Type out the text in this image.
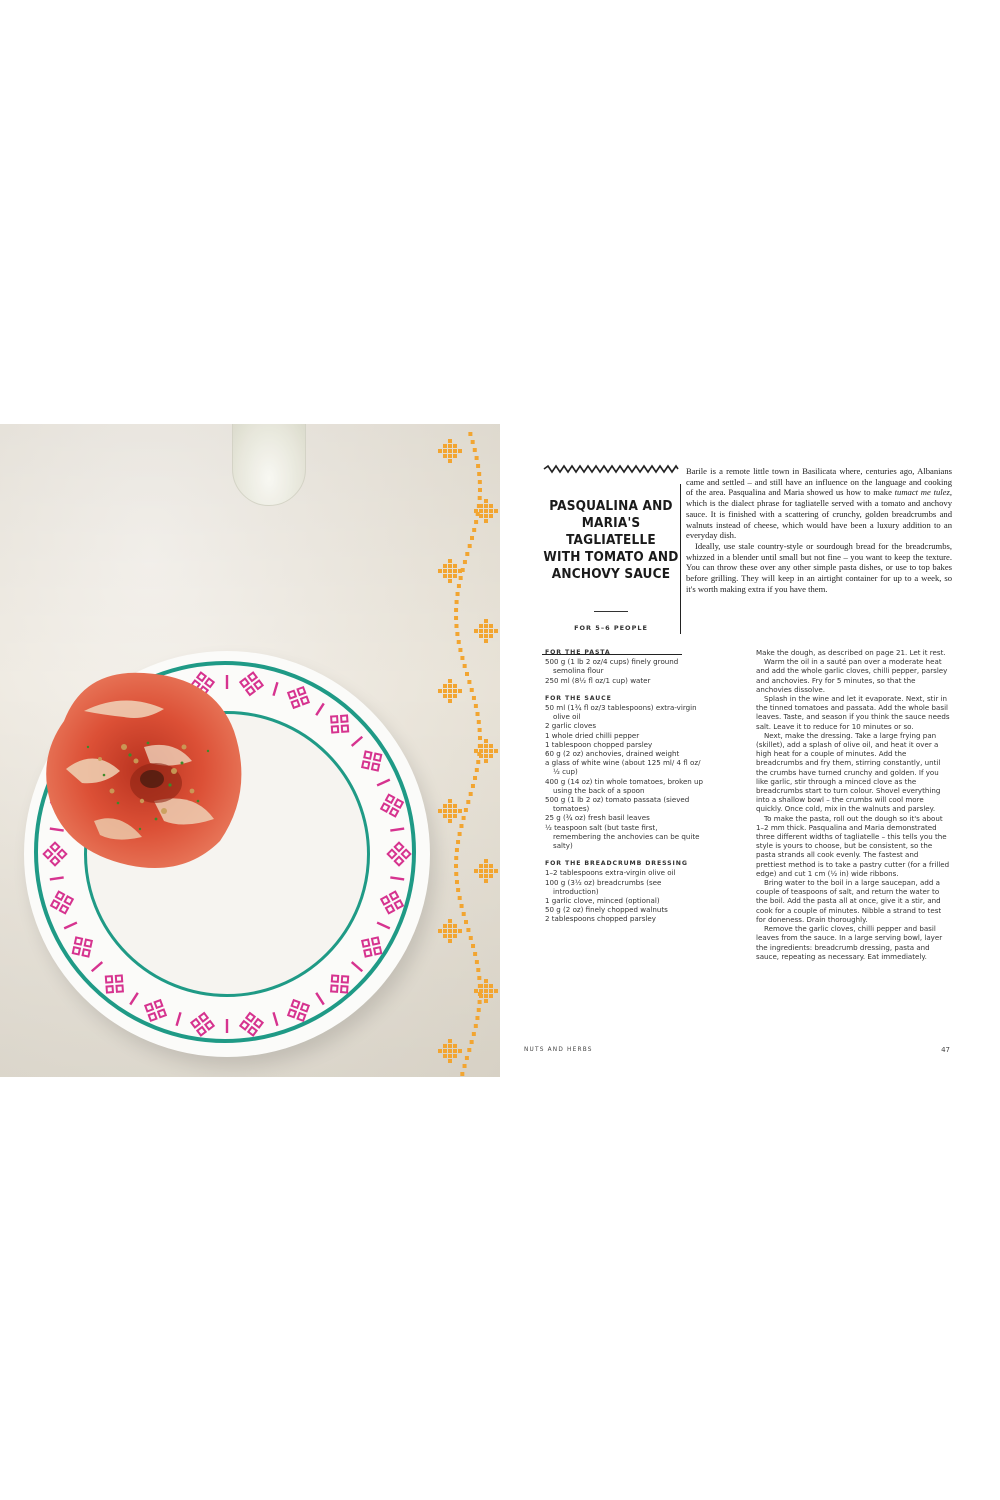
PASQUALINA AND
MARIA'S TAGLIATELLE
WITH TOMATO AND
ANCHOVY SAUCE
FOR 5–6 PEOPLE

Barile is a remote little town in Basilicata where, centuries ago, Albanians came and settled – and still have an influence on the language and cooking of the area. Pasqualina and Maria showed us how to make tumact me tulez, which is the dialect phrase for tagliatelle served with a tomato and anchovy sauce. It is finished with a scattering of crunchy, golden breadcrumbs and walnuts instead of cheese, which would have been a luxury addition to an everyday dish.

Ideally, use stale country-style or sourdough bread for the breadcrumbs, whizzed in a blender until small but not fine – you want to keep the texture. You can throw these over any other simple pasta dishes, or use to top bakes before grilling. They will keep in an airtight container for up to a week, so it's worth making extra if you have them.

FOR THE PASTA
500 g (1 lb 2 oz/4 cups) finely ground semolina flour
250 ml (8½ fl oz/1 cup) water
FOR THE SAUCE
50 ml (1¾ fl oz/3 tablespoons) extra-virgin olive oil
2 garlic cloves
1 whole dried chilli pepper
1 tablespoon chopped parsley
60 g (2 oz) anchovies, drained weight
a glass of white wine (about 125 ml/ 4 fl oz/½ cup)
400 g (14 oz) tin whole tomatoes, broken up using the back of a spoon
500 g (1 lb 2 oz) tomato passata (sieved tomatoes)
25 g (¾ oz) fresh basil leaves
½ teaspoon salt (but taste first, remembering the anchovies can be quite salty)
FOR THE BREADCRUMB DRESSING
1–2 tablespoons extra-virgin olive oil
100 g (3½ oz) breadcrumbs (see introduction)
1 garlic clove, minced (optional)
50 g (2 oz) finely chopped walnuts
2 tablespoons chopped parsley

Make the dough, as described on page 21. Let it rest.

Warm the oil in a sauté pan over a moderate heat and add the whole garlic cloves, chilli pepper, parsley and anchovies. Fry for 5 minutes, so that the anchovies dissolve.

Splash in the wine and let it evaporate. Next, stir in the tinned tomatoes and passata. Add the whole basil leaves. Taste, and season if you think the sauce needs salt. Leave it to reduce for 10 minutes or so.

Next, make the dressing. Take a large frying pan (skillet), add a splash of olive oil, and heat it over a high heat for a couple of minutes. Add the breadcrumbs and fry them, stirring constantly, until the crumbs have turned crunchy and golden. If you like garlic, stir through a minced clove as the breadcrumbs start to turn colour. Shovel everything into a shallow bowl – the crumbs will cool more quickly. Once cold, mix in the walnuts and parsley.

To make the pasta, roll out the dough so it's about 1–2 mm thick. Pasqualina and Maria demonstrated three different widths of tagliatelle – this tells you the style is yours to choose, but be consistent, so the pasta strands all cook evenly. The fastest and prettiest method is to take a pastry cutter (for a frilled edge) and cut 1 cm (½ in) wide ribbons.

Bring water to the boil in a large saucepan, add a couple of teaspoons of salt, and return the water to the boil. Add the pasta all at once, give it a stir, and cook for a couple of minutes. Nibble a strand to test for doneness. Drain thoroughly.

Remove the garlic cloves, chilli pepper and basil leaves from the sauce. In a large serving bowl, layer the ingredients: breadcrumb dressing, pasta and sauce, repeating as necessary. Eat immediately.

NUTS AND HERBS	47
